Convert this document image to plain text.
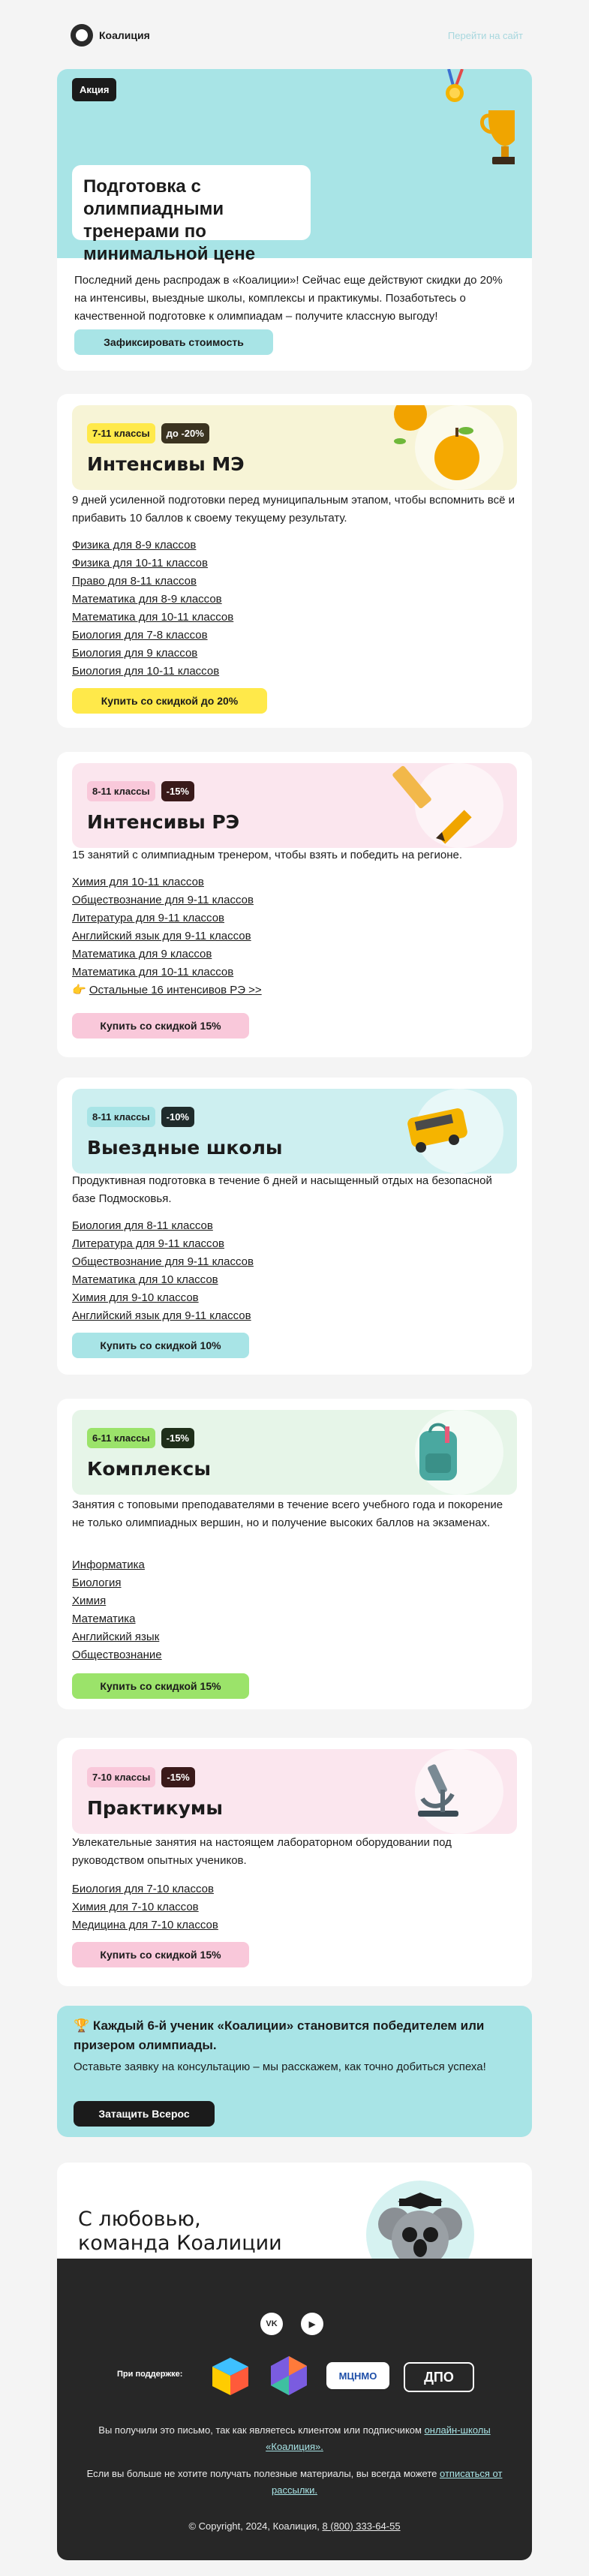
Коалиция	Перейти на сайт
Акция
Подготовка с олимпиадными тренерами по минимальной цене
Последний день распродаж в «Коалиции»! Сейчас еще действуют скидки до 20% на интенсивы, выездные школы, комплексы и практикумы. Позаботьтесь о качественной подготовке к олимпиадам – получите классную выгоду!
Зафиксировать стоимость
7-11 классы	до -20%
Интенсивы МЭ
9 дней усиленной подготовки перед муниципальным этапом, чтобы вспомнить всё и прибавить 10 баллов к своему текущему результату.
Физика для 8-9 классов
Физика для 10-11 классов
Право для 8-11 классов
Математика для 8-9 классов
Математика для 10-11 классов
Биология для 7-8 классов
Биология для 9 классов
Биология для 10-11 классов
Купить со скидкой до 20%
8-11 классы	-15%
Интенсивы РЭ
15 занятий с олимпиадным тренером, чтобы взять и победить на регионе.
Химия для 10-11 классов
Обществознание для 9-11 классов
Литература для 9-11 классов
Английский язык для 9-11 классов
Математика для 9 классов
Математика для 10-11 классов
👉 Остальные 16 интенсивов РЭ >>
Купить со скидкой 15%
8-11 классы	-10%
Выездные школы
Продуктивная подготовка в течение 6 дней и насыщенный отдых на безопасной базе Подмосковья.
Биология для 8-11 классов
Литература для 9-11 классов
Обществознание для 9-11 классов
Математика для 10 классов
Химия для 9-10 классов
Английский язык для 9-11 классов
Купить со скидкой 10%
6-11 классы	-15%
Комплексы
Занятия с топовыми преподавателями в течение всего учебного года и покорение не только олимпиадных вершин, но и получение высоких баллов на экзаменах.
Информатика
Биология
Химия
Математика
Английский язык
Обществознание
Купить со скидкой 15%
7-10 классы	-15%
Практикумы
Увлекательные занятия на настоящем лабораторном оборудовании под руководством опытных учеников.
Биология для 7-10 классов
Химия для 7-10 классов
Медицина для 7-10 классов
Купить со скидкой 15%
🏆 Каждый 6-й ученик «Коалиции» становится победителем или призером олимпиады.
Оставьте заявку на консультацию – мы расскажем, как точно добиться успеха!
Затащить Всерос
С любовью,
команда Коалиции
VK	▶
При поддержке:	МЦНМО	ДПО
Вы получили это письмо, так как являетесь клиентом или подписчиком онлайн-школы «Коалиция».
Если вы больше не хотите получать полезные материалы, вы всегда можете отписаться от рассылки.
© Copyright, 2024, Коалиция, 8 (800) 333-64-55
